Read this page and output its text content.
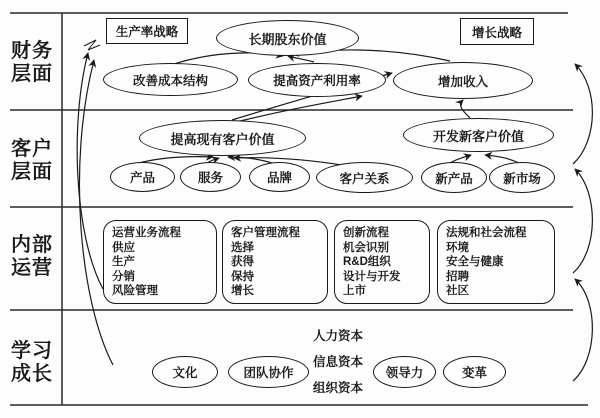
财务
层面
客户
层面
内部
运营
学习
成长
生产率战略	增长战略
长期股东价值
改善成本结构	提高资产利用率	增加收入
提高现有客户价值	开发新客户价值
产品	服务	品牌	客户关系	新产品	新市场
运营业务流程
供应
生产
分销
风险管理
客户管理流程
选择
获得
保持
增长
创新流程
机会识别
R&D组织
设计与开发
上市
法规和社会流程
环境
安全与健康
招聘
社区
人力资本
信息资本
组织资本
文化	团队协作	领导力	变革
